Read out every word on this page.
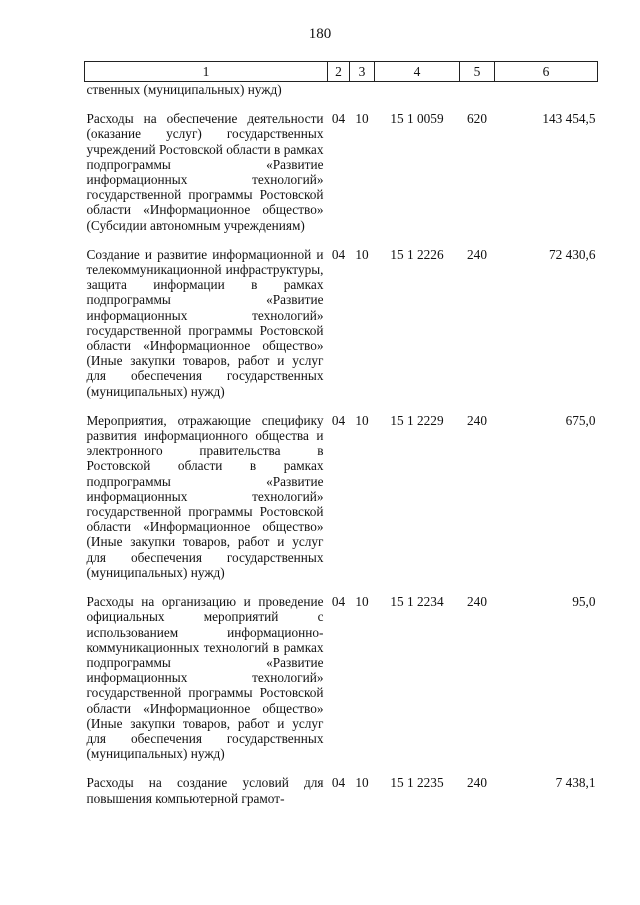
180
1	2	3	4	5	6
ственных (муниципальных) нужд)					

Расходы на обеспечение деятельности (оказание услуг) государственных учреждений Ростовской области в рамках подпрограммы «Развитие информационных технологий» государственной программы Ростовской области «Информационное общество» (Субсидии автономным учреждениям)	04	10	15 1 0059	620	143 454,5
Создание и развитие информационной и телекоммуникационной инфраструктуры, защита информации в рамках подпрограммы «Развитие информационных технологий» государственной программы Ростовской области «Информационное общество» (Иные закупки товаров, работ и услуг для обеспечения государственных (муниципальных) нужд)	04	10	15 1 2226	240	72 430,6
Мероприятия, отражающие специфику развития информационного общества и электронного правительства в Ростовской области в рамках подпрограммы «Развитие информационных технологий» государственной программы Ростовской области «Информационное общество» (Иные закупки товаров, работ и услуг для обеспечения государственных (муниципальных) нужд)	04	10	15 1 2229	240	675,0
Расходы на организацию и проведение официальных мероприятий с использованием информационно-коммуникационных технологий в рамках подпрограммы «Развитие информационных технологий» государственной программы Ростовской области «Информационное общество» (Иные закупки товаров, работ и услуг для обеспечения государственных (муниципальных) нужд)	04	10	15 1 2234	240	95,0
Расходы на создание условий для повышения компьютерной грамот-	04	10	15 1 2235	240	7 438,1
